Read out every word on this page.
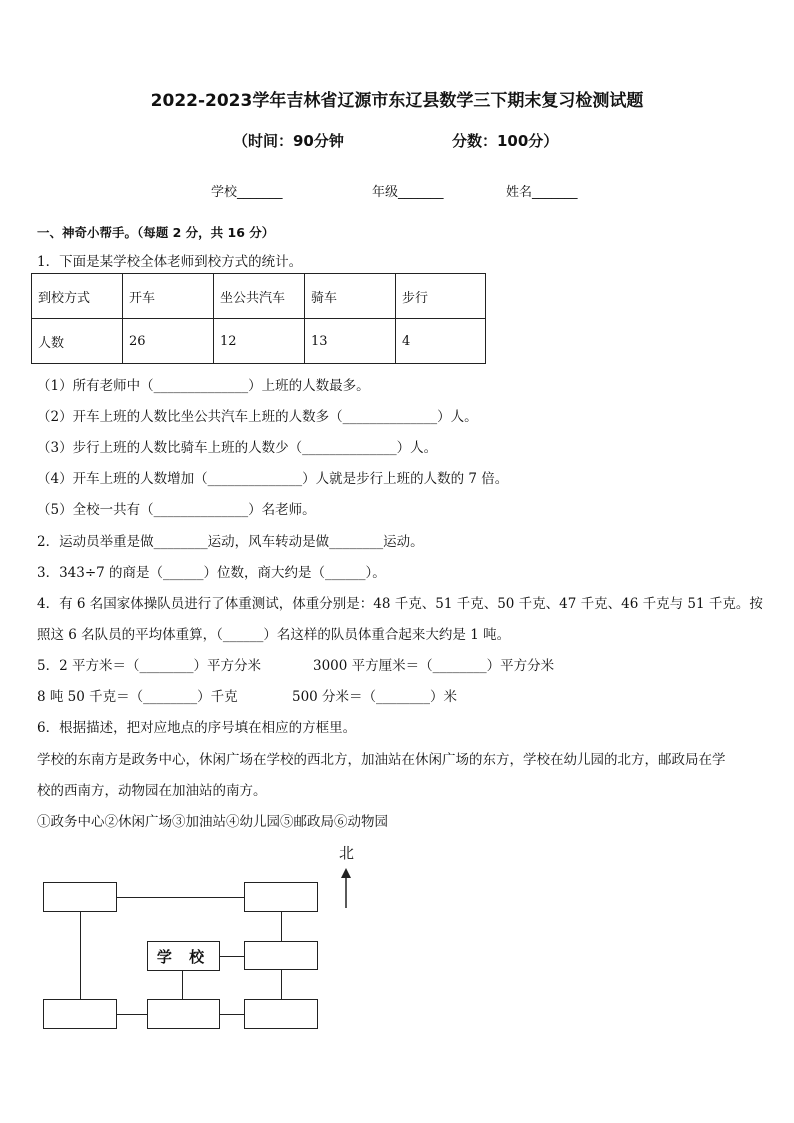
2022-2023学年吉林省辽源市东辽县数学三下期末复习检测试题
（时间：90分钟	分数：100分）
学校_______	年级_______	姓名_______
一、神奇小帮手。（每题 2 分，共 16 分）
1．下面是某学校全体老师到校方式的统计。
到校方式	开车	坐公共汽车	骑车	步行
人数	26	12	13	4
（1）所有老师中（______________）上班的人数最多。
（2）开车上班的人数比坐公共汽车上班的人数多（______________）人。
（3）步行上班的人数比骑车上班的人数少（______________）人。
（4）开车上班的人数增加（______________）人就是步行上班的人数的 7 倍。
（5）全校一共有（______________）名老师。
2．运动员举重是做________运动，风车转动是做________运动。
3．343÷7 的商是（______）位数，商大约是（______）。
4．有 6 名国家体操队员进行了体重测试，体重分别是：48 千克、51 千克、50 千克、47 千克、46 千克与 51 千克。按
照这 6 名队员的平均体重算，（______）名这样的队员体重合起来大约是 1 吨。
5．2 平方米＝（________）平方分米	3000 平方厘米＝（________）平方分米
8 吨 50 千克＝（________）千克	500 分米＝（________）米
6．根据描述，把对应地点的序号填在相应的方框里。
学校的东南方是政务中心，休闲广场在学校的西北方，加油站在休闲广场的东方，学校在幼儿园的北方，邮政局在学
校的西南方，动物园在加油站的南方。
①政务中心②休闲广场③加油站④幼儿园⑤邮政局⑥动物园
北
学 校
